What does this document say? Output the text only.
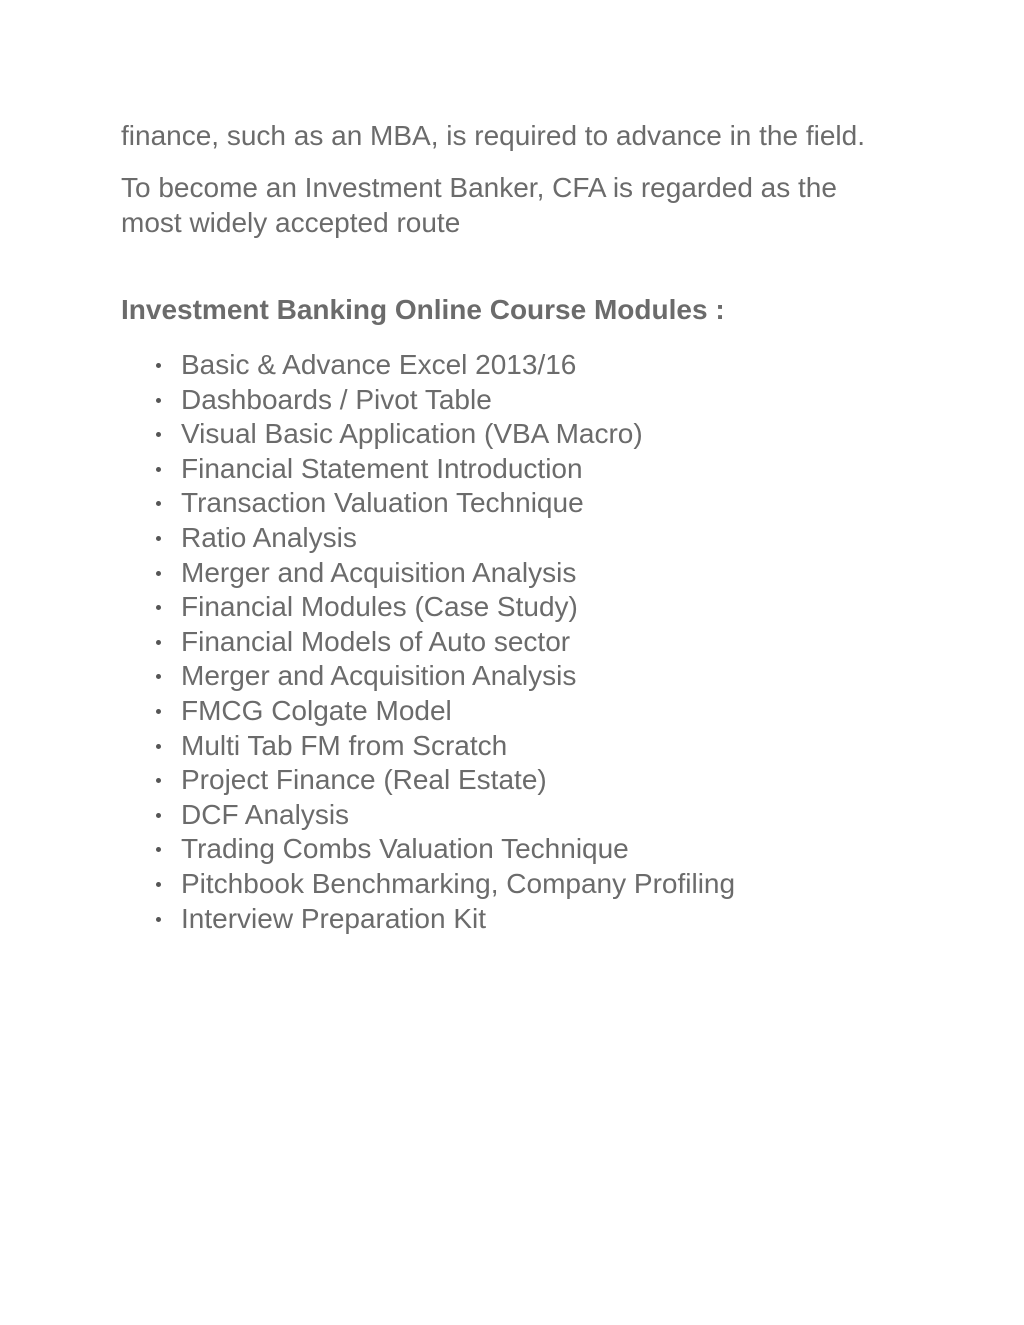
finance, such as an MBA, is required to advance in the field.

To become an Investment Banker, CFA is regarded as the most widely accepted route

Investment Banking Online Course Modules :
Basic & Advance Excel 2013/16
Dashboards / Pivot Table
Visual Basic Application (VBA Macro)
Financial Statement Introduction
Transaction Valuation Technique
Ratio Analysis
Merger and Acquisition Analysis
Financial Modules (Case Study)
Financial Models of Auto sector
Merger and Acquisition Analysis
FMCG Colgate Model
Multi Tab FM from Scratch
Project Finance (Real Estate)
DCF Analysis
Trading Combs Valuation Technique
Pitchbook Benchmarking, Company Profiling
Interview Preparation Kit
